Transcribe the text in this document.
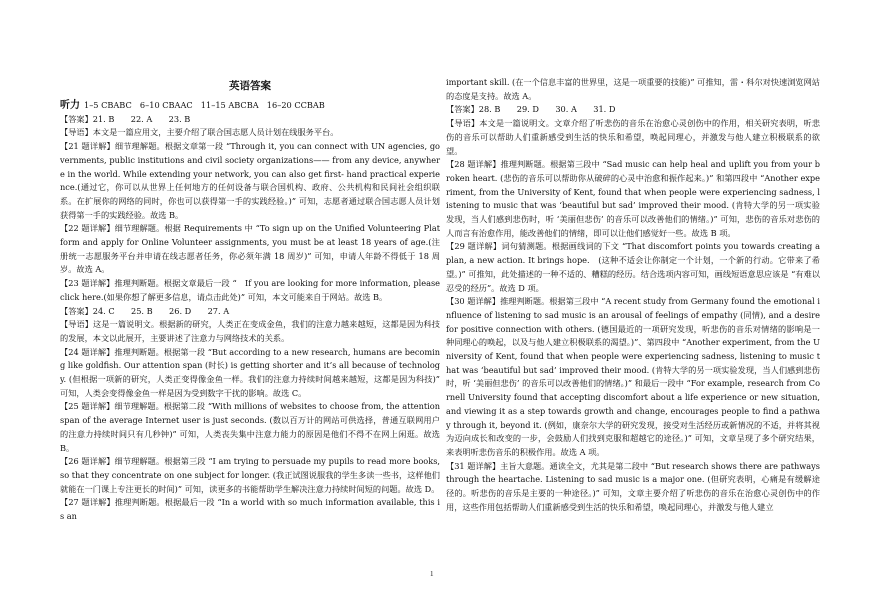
英语答案
听力 1–5 CBABC　6–10 CBAAC　11–15 ABCBA　16–20 CCBAB

【答案】21. B　　22. A　　23. B

【导语】本文是一篇应用文，主要介绍了联合国志愿人员计划在线服务平台。

【21 题详解】细节理解题。根据文章第一段 “Through it, you can connect with UN agencies, governments, public institutions and civil society organizations—— from any device, anywhere in the world. While extending your network, you can also get first- hand practical experience.(通过它，你可以从世界上任何地方的任何设备与联合国机构、政府、公共机构和民间社会组织联系。在扩展你的网络的同时，你也可以获得第一手的实践经验。)” 可知，志愿者通过联合国志愿人员计划获得第一手的实践经验。故选 B。

【22 题详解】细节理解题。根据 Requirements 中 “To sign up on the Unified Volunteering Platform and apply for Online Volunteer assignments, you must be at least 18 years of age.(注册统一志愿服务平台并申请在线志愿者任务，你必须年满 18 周岁)” 可知，申请人年龄不得低于 18 周岁。故选 A。

【23 题详解】推理判断题。根据文章最后一段 “　If you are looking for more information, please click here.(如果你想了解更多信息，请点击此处)” 可知，本文可能来自于网站。故选 B。

【答案】24. C　　25. B　　26. D　　27. A

【导语】这是一篇说明文。根据新的研究，人类正在变成金鱼，我们的注意力越来越短，这都是因为科技的发展，本文以此展开，主要讲述了注意力与网络技术的关系。

【24 题详解】推理判断题。根据第一段 “But according to a new research, humans are becoming like goldfish. Our attention span (时长) is getting shorter and it’s all because of technology. (但根据一项新的研究，人类正变得像金鱼一样。我们的注意力持续时间越来越短，这都是因为科技)” 可知，人类会变得像金鱼一样是因为受到数字干扰的影响。故选 C。

【25 题详解】细节理解题。根据第二段 “With millions of websites to choose from, the attention span of the average Internet user is just seconds. (数以百万计的网站可供选择，普通互联网用户的注意力持续时间只有几秒钟)” 可知，人类丧失集中注意力能力的原因是他们不得不在网上闲逛。故选 B。

【26 题详解】细节理解题。根据第三段 “I am trying to persuade my pupils to read more books, so that they concentrate on one subject for longer. (我正试图说服我的学生多读一些书，这样他们就能在一门课上专注更长的时间)” 可知，读更多的书能帮助学生解决注意力持续时间短的问题。故选 D。

【27 题详解】推理判断题。根据最后一段 “In a world with so much information available, this is an

important skill. (在一个信息丰富的世界里，这是一项重要的技能)” 可推知，雷・科尔对快速浏览网站的态度是支持。故选 A。

【答案】28. B　　29. D　　30. A　　31. D

【导语】本文是一篇说明文。文章介绍了听悲伤的音乐在治愈心灵创伤中的作用，相关研究表明，听悲伤的音乐可以帮助人们重新感受到生活的快乐和希望，唤起同理心，并激发与他人建立积极联系的欲望。

【28 题详解】推理判断题。根据第三段中 “Sad music can help heal and uplift you from your broken heart. (悲伤的音乐可以帮助你从破碎的心灵中治愈和振作起来。)” 和第四段中 “Another experiment, from the University of Kent, found that when people were experiencing sadness, listening to music that was ‘beautiful but sad’ improved their mood. (肯特大学的另一项实验发现，当人们感到悲伤时，听 ‘美丽但悲伤’ 的音乐可以改善他们的情绪。)” 可知，悲伤的音乐对悲伤的人而言有治愈作用，能改善他们的情绪，即可以让他们感觉好一些。故选 B 项。

【29 题详解】词句猜测题。根据画线词的下文 “That discomfort points you towards creating a plan, a new action. It brings hope.　(这种不适会让你制定一个计划，一个新的行动。它带来了希望。)” 可推知，此处描述的一种不适的、糟糕的经历。结合选项内容可知，画线短语意思应该是 “有难以忍受的经历”。故选 D 项。

【30 题详解】推理判断题。根据第三段中 “A recent study from Germany found the emotional influence of listening to sad music is an arousal of feelings of empathy (同情), and a desire for positive connection with others. (德国最近的一项研究发现，听悲伤的音乐对情绪的影响是一种同理心的唤起，以及与他人建立积极联系的渴望。)”、第四段中 “Another experiment, from the University of Kent, found that when people were experiencing sadness, listening to music that was ‘beautiful but sad’ improved their mood. (肯特大学的另一项实验发现，当人们感到悲伤时，听 ‘美丽但悲伤’ 的音乐可以改善他们的情绪。)” 和最后一段中 “For example, research from Cornell University found that accepting discomfort about a life experience or new situation, and viewing it as a step towards growth and change, encourages people to find a pathway through it, beyond it. (例如，康奈尔大学的研究发现，接受对生活经历或新情况的不适，并将其视为迈向成长和改变的一步，会鼓励人们找到克服和超越它的途径。)” 可知，文章呈现了多个研究结果，来表明听悲伤音乐的积极作用。故选 A 项。

【31 题详解】主旨大意题。通读全文，尤其是第二段中 “But research shows there are pathways through the heartache. Listening to sad music is a major one. (但研究表明，心痛是有缓解途径的。听悲伤的音乐是主要的一种途径。)” 可知，文章主要介绍了听悲伤的音乐在治愈心灵创伤中的作用，这些作用包括帮助人们重新感受到生活的快乐和希望，唤起同理心，并激发与他人建立

1
